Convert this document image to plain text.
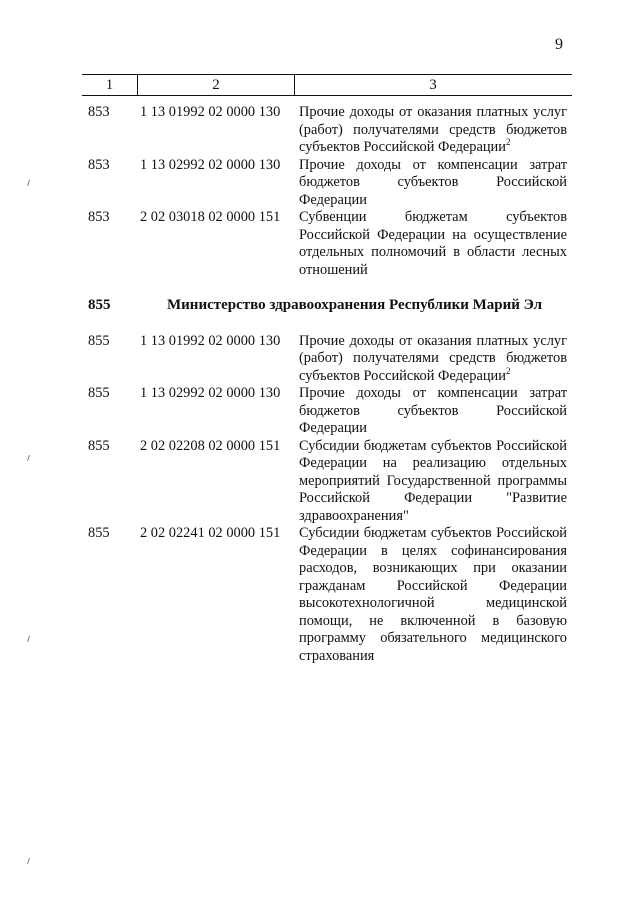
9
1	2	3
853	1 13 01992 02 0000 130	Прочие доходы от оказания платных услуг (работ) получателями средств бюджетов субъектов Российской Федерации$^2$
853	1 13 02992 02 0000 130	Прочие доходы от компенсации затрат бюджетов субъектов Российской Федерации
853	2 02 03018 02 0000 151	Субвенции бюджетам субъектов Российской Федерации на осуществление отдельных полномочий в области лесных отношений
855	Министерство здравоохранения Республики Марий Эл
855	1 13 01992 02 0000 130	Прочие доходы от оказания платных услуг (работ) получателями средств бюджетов субъектов Российской Федерации$^2$
855	1 13 02992 02 0000 130	Прочие доходы от компенсации затрат бюджетов субъектов Российской Федерации
855	2 02 02208 02 0000 151	Субсидии бюджетам субъектов Российской Федерации на реализацию отдельных мероприятий Государственной программы Российской Федерации "Развитие здравоохранения"
855	2 02 02241 02 0000 151	Субсидии бюджетам субъектов Российской Федерации в целях софинансирования расходов, возникающих при оказании гражданам Российской Федерации высокотехнологичной медицинской помощи, не включенной в базовую программу обязательного медицинского страхования
